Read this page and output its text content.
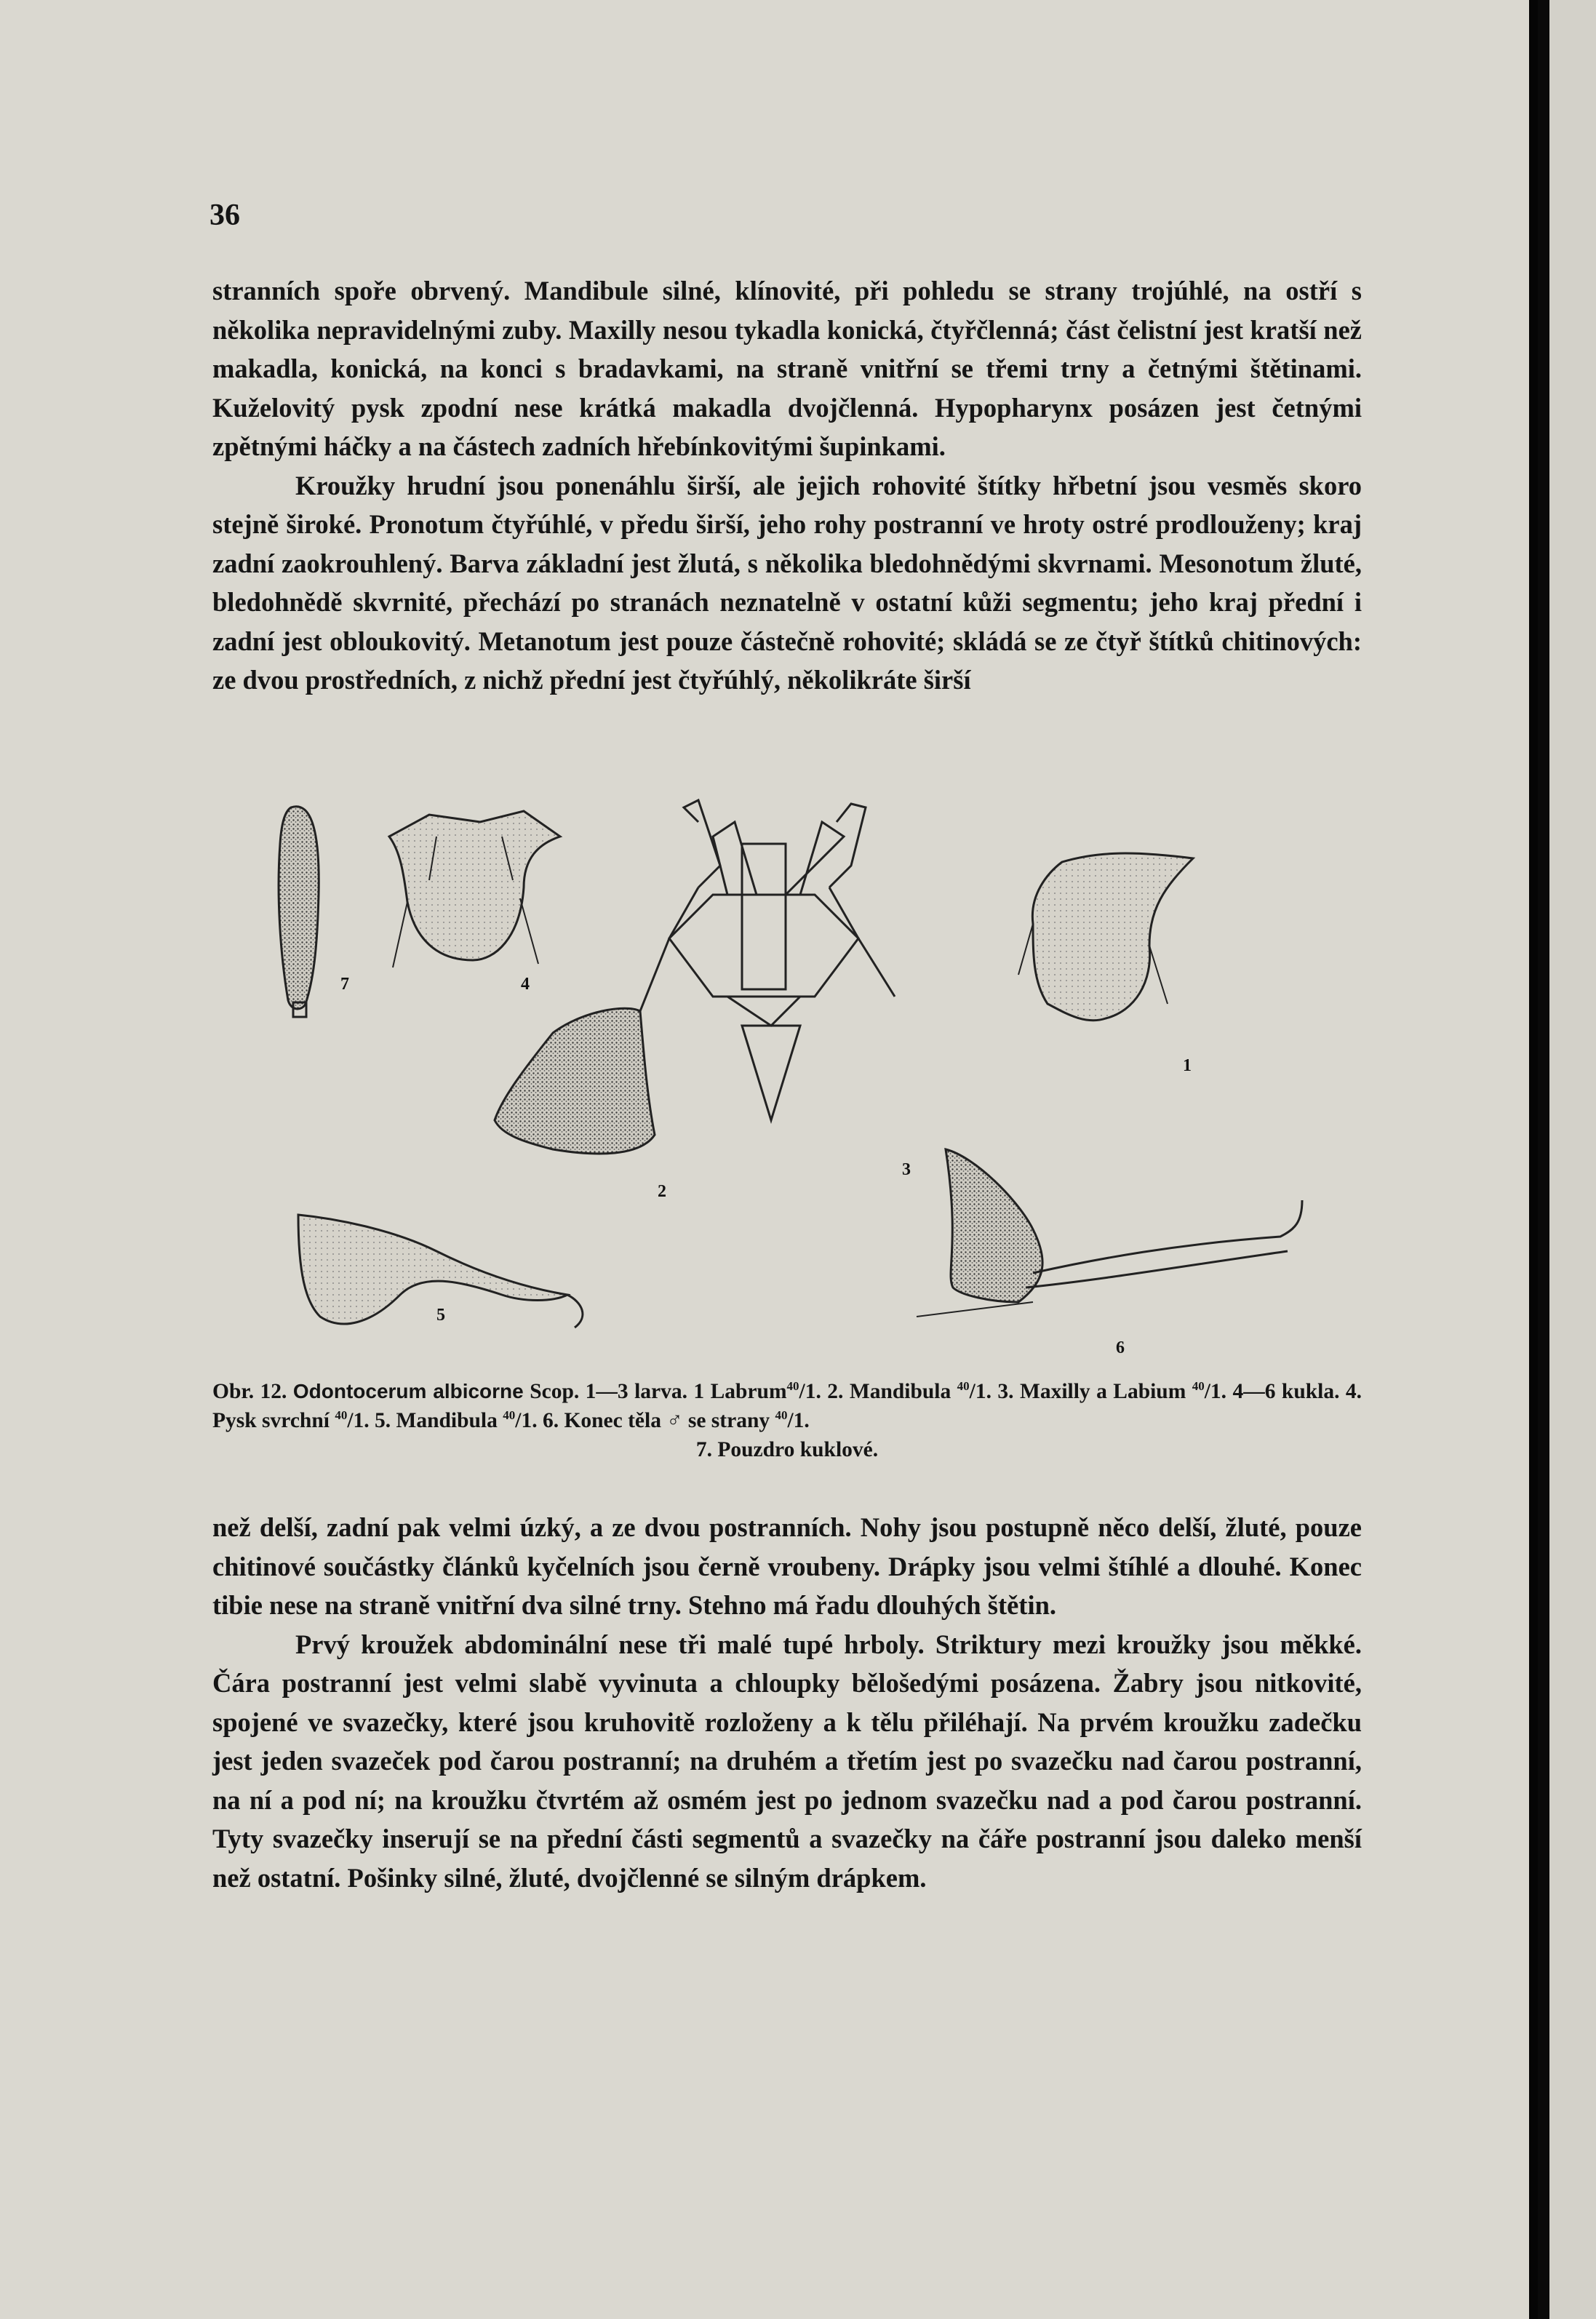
36

stranních spoře obrvený. Mandibule silné, klínovité, při pohledu se strany trojúhlé, na ostří s několika nepravidelnými zuby. Maxilly nesou tykadla konická, čtyřčlenná; část čelistní jest kratší než makadla, konická, na konci s bradavkami, na straně vnitřní se třemi trny a četnými štětinami. Kuželovitý pysk zpodní nese krátká makadla dvojčlenná. Hypopharynx posázen jest četnými zpětnými háčky a na částech zadních hřebínkovitými šupinkami.

Kroužky hrudní jsou ponenáhlu širší, ale jejich rohovité štítky hřbetní jsou vesměs skoro stejně široké. Pronotum čtyřúhlé, v předu širší, jeho rohy postranní ve hroty ostré prodlouženy; kraj zadní zaokrouhlený. Barva základní jest žlutá, s několika bledohnědými skvrnami. Mesonotum žluté, bledohnědě skvrnité, přechází po stranách neznatelně v ostatní kůži segmentu; jeho kraj přední i zadní jest obloukovitý. Metanotum jest pouze částečně rohovité; skládá se ze čtyř štítků chitinových: ze dvou prostředních, z nichž přední jest čtyřúhlý, několikráte širší

7	4
3
1
2
5
6
Obr. 12. Odontocerum albicorne Scop. 1—3 larva. 1 Labrum$^{40}$/1. 2. Mandibula $^{40}$/1. 3. Maxilly a Labium $^{40}$/1. 4—6 kukla. 4. Pysk svrchní $^{40}$/1. 5. Mandibula $^{40}$/1. 6. Konec těla ♂ se strany $^{40}$/1.
7. Pouzdro kuklové.

než delší, zadní pak velmi úzký, a ze dvou postranních. Nohy jsou postupně něco delší, žluté, pouze chitinové součástky článků kyčelních jsou černě vroubeny. Drápky jsou velmi štíhlé a dlouhé. Konec tibie nese na straně vnitřní dva silné trny. Stehno má řadu dlouhých štětin.

Prvý kroužek abdominální nese tři malé tupé hrboly. Striktury mezi kroužky jsou měkké. Čára postranní jest velmi slabě vyvinuta a chloupky bělošedými posázena. Žabry jsou nitkovité, spojené ve svazečky, které jsou kruhovitě rozloženy a k tělu přiléhají. Na prvém kroužku zadečku jest jeden svazeček pod čarou postranní; na druhém a třetím jest po svazečku nad čarou postranní, na ní a pod ní; na kroužku čtvrtém až osmém jest po jednom svazečku nad a pod čarou postranní. Tyty svazečky inserují se na přední části segmentů a svazečky na čáře postranní jsou daleko menší než ostatní. Pošinky silné, žluté, dvojčlenné se silným drápkem.
